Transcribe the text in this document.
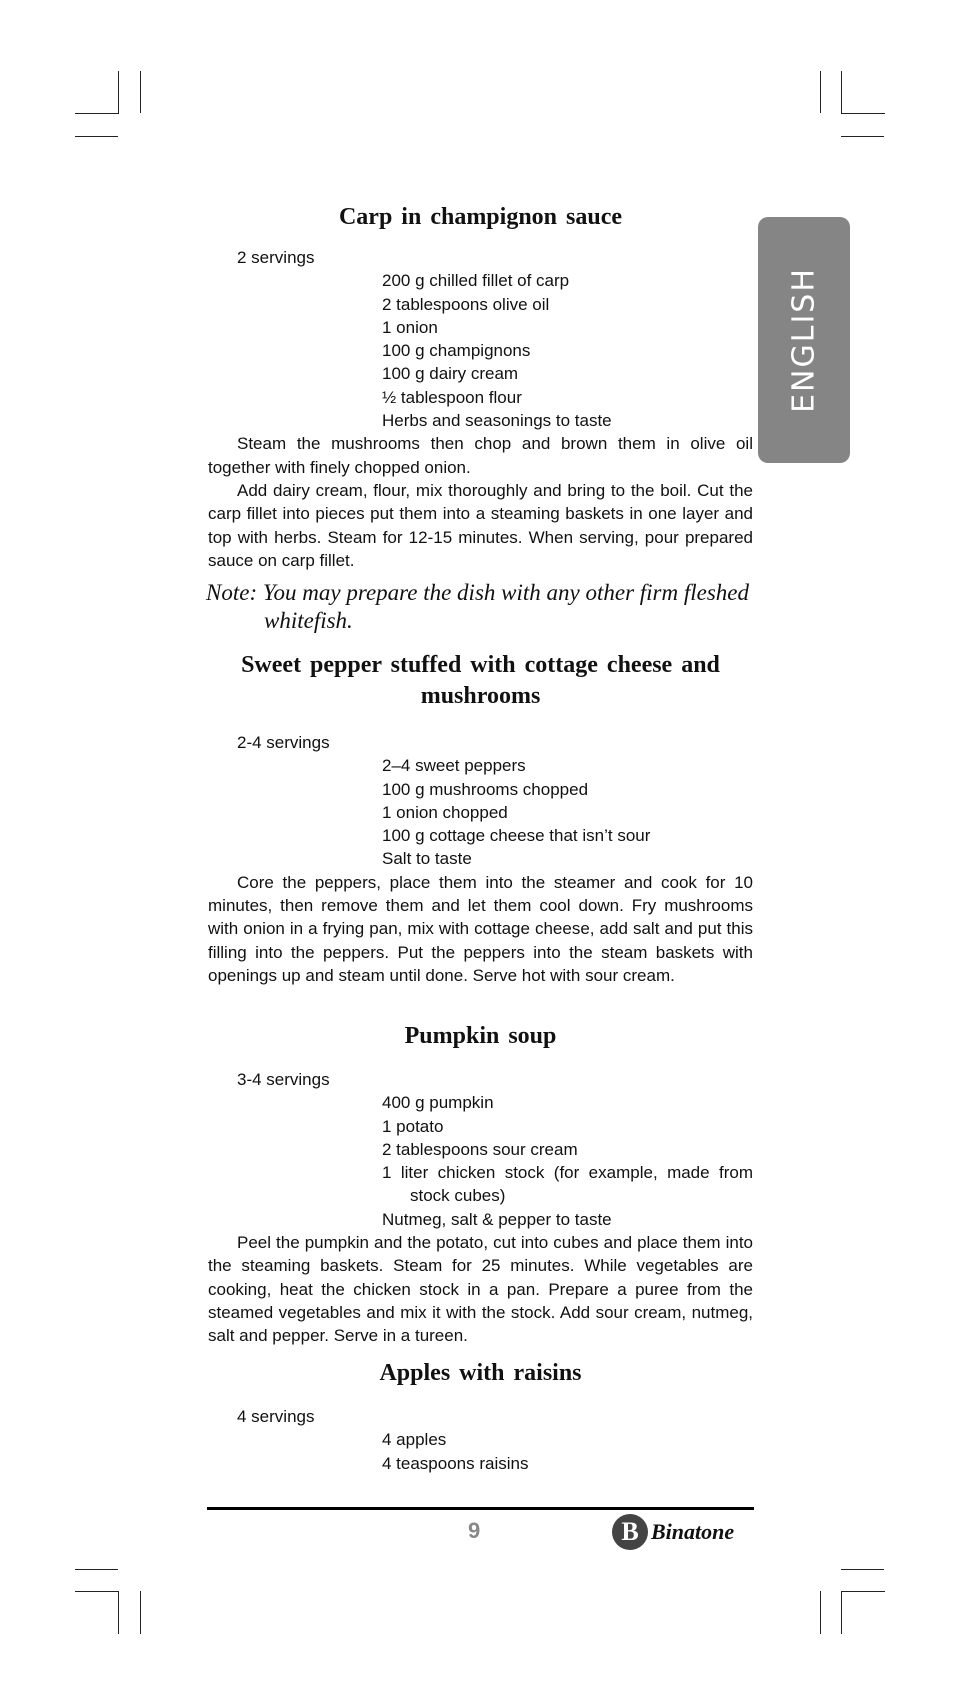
ENGLISH
Carp in champignon sauce
2 servings
200 g chilled fillet of carp
2 tablespoons olive oil
1 onion
100 g champignons
100 g dairy cream
½ tablespoon flour
Herbs and seasonings to taste

Steam the mushrooms then chop and brown them in olive oil together with finely chopped onion.

Add dairy cream, flour, mix thoroughly and bring to the boil. Cut the carp fillet into pieces put them into a steaming baskets in one layer and top with herbs. Steam for 12-15 minutes. When serving, pour prepared sauce on carp fillet.

Note: You may prepare the dish with any other firm fleshed
whitefish.
Sweet pepper stuffed with cottage cheese and
mushrooms
2-4 servings
2–4 sweet peppers
100 g mushrooms chopped
1 onion chopped
100 g cottage cheese that isn’t sour
Salt to taste

Core the peppers, place them into the steamer and cook for 10 minutes, then remove them and let them cool down. Fry mushrooms with onion in a frying pan, mix with cottage cheese, add salt and put this filling into the peppers. Put the peppers into the steam baskets with openings up and steam until done. Serve hot with sour cream.

Pumpkin soup
3-4 servings
400 g pumpkin
1 potato
2 tablespoons sour cream
1 liter chicken stock (for example, made from stock cubes)
Nutmeg, salt & pepper to taste

Peel the pumpkin and the potato, cut into cubes and place them into the steaming baskets. Steam for 25 minutes. While vegetables are cooking, heat the chicken stock in a pan. Prepare a puree from the steamed vegetables and mix it with the stock. Add sour cream, nutmeg, salt and pepper. Serve in a tureen.

Apples with raisins
4 servings
4 apples
4 teaspoons raisins
9	B Binatone
